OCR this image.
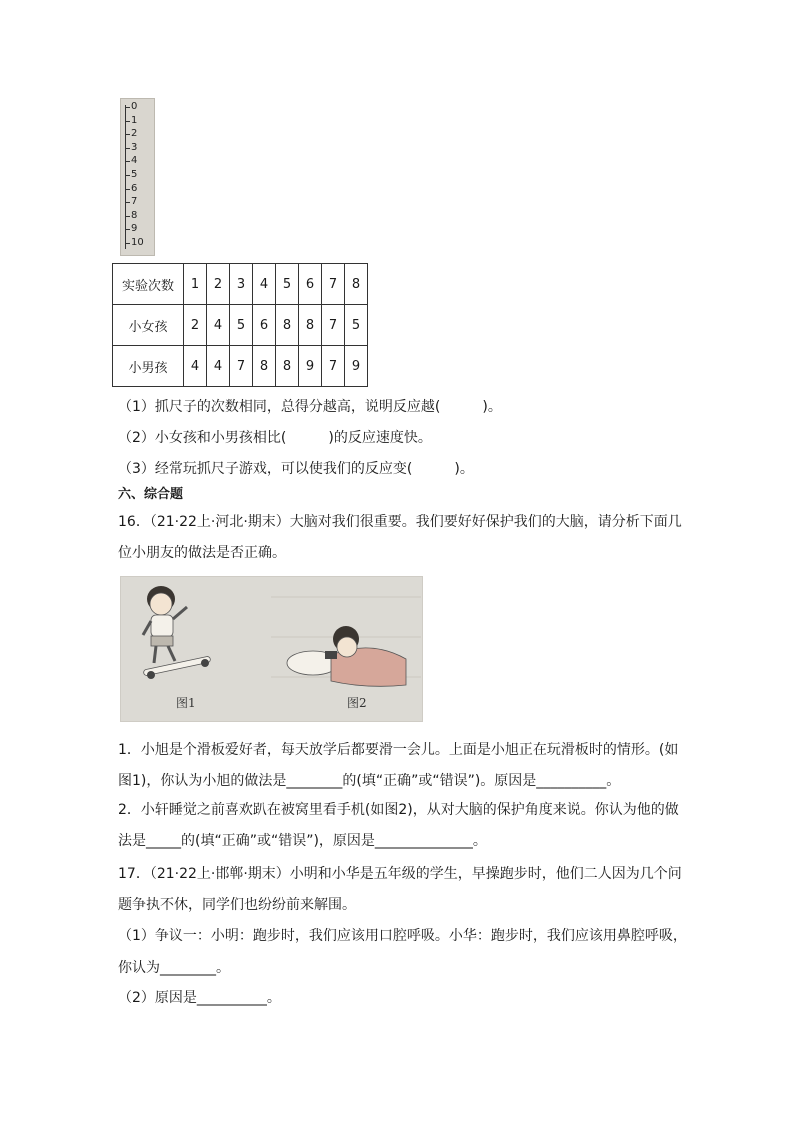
0
1
2
3
4
5
6
7
8
9
10
实验次数	1	2	3	4	5	6	7	8
小女孩	2	4	5	6	8	8	7	5
小男孩	4	4	7	8	8	9	7	9
（1）抓尺子的次数相同，总得分越高，说明反应越(　　　)。
（2）小女孩和小男孩相比(　　　)的反应速度快。
（3）经常玩抓尺子游戏，可以使我们的反应变(　　　)。
六、综合题
16．（21·22上·河北·期末）大脑对我们很重要。我们要好好保护我们的大脑，请分析下面几
位小朋友的做法是否正确。
图1	图2
1．小旭是个滑板爱好者，每天放学后都要滑一会儿。上面是小旭正在玩滑板时的情形。(如
图1)，你认为小旭的做法是________的(填“正确”或“错误”)。原因是__________。
2．小轩睡觉之前喜欢趴在被窝里看手机(如图2)，从对大脑的保护角度来说。你认为他的做
法是_____的(填“正确”或“错误”)，原因是______________。
17．（21·22上·邯郸·期末）小明和小华是五年级的学生，早操跑步时，他们二人因为几个问
题争执不休，同学们也纷纷前来解围。
（1）争议一：小明：跑步时，我们应该用口腔呼吸。小华：跑步时，我们应该用鼻腔呼吸，
你认为________。
（2）原因是__________。
